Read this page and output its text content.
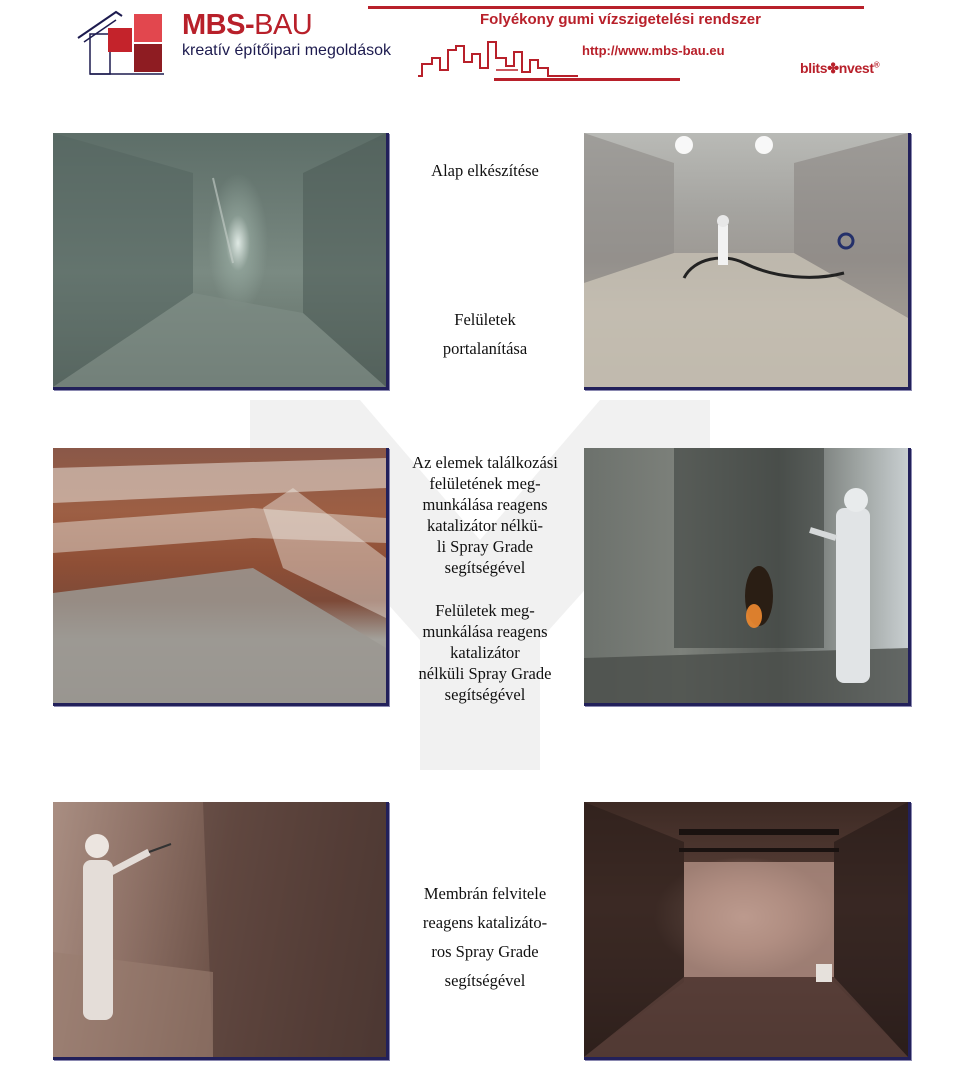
MBS-BAU
kreatív építőipari megoldások
Folyékony gumi vízszigetelési rendszer
http://www.mbs-bau.eu
blits✤nvest®
Alap elkészítése
Felületek
portalanítása
Az elemek találkozási
felületének meg-
munkálása reagens
katalizátor nélkü-
li Spray Grade
segítségével
Felületek meg-
munkálása reagens
katalizátor
nélküli Spray Grade
segítségével
Membrán felvitele
reagens katalizáto-
ros Spray Grade
segítségével
